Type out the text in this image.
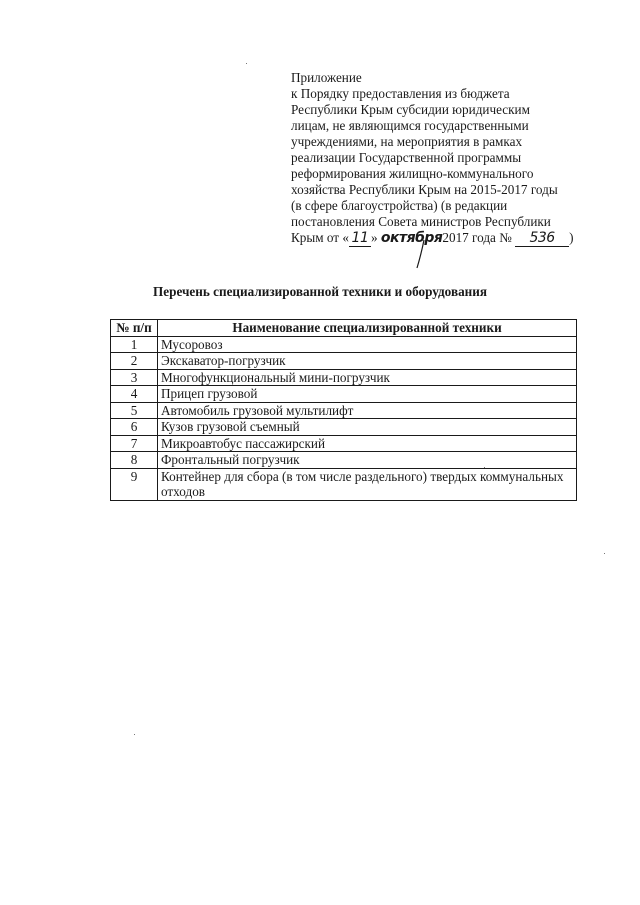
Приложение
к Порядку предоставления из бюджета
Республики Крым субсидии юридическим
лицам, не являющимся государственными
учреждениями, на мероприятия в рамках
реализации Государственной программы
реформирования жилищно-коммунального
хозяйства Республики Крым на 2015-2017 годы
(в сфере благоустройства) (в редакции
постановления Совета министров Республики
Крым от « 11 » октября2017 года № 536 )
Перечень специализированной техники и оборудования
№ п/п	Наименование специализированной техники
1	Мусоровоз
2	Экскаватор-погрузчик
3	Многофункциональный мини-погрузчик
4	Прицеп грузовой
5	Автомобиль грузовой мультилифт
6	Кузов грузовой съемный
7	Микроавтобус пассажирский
8	Фронтальный погрузчик
9	Контейнер для сбора (в том числе раздельного) твердых коммунальных отходов
